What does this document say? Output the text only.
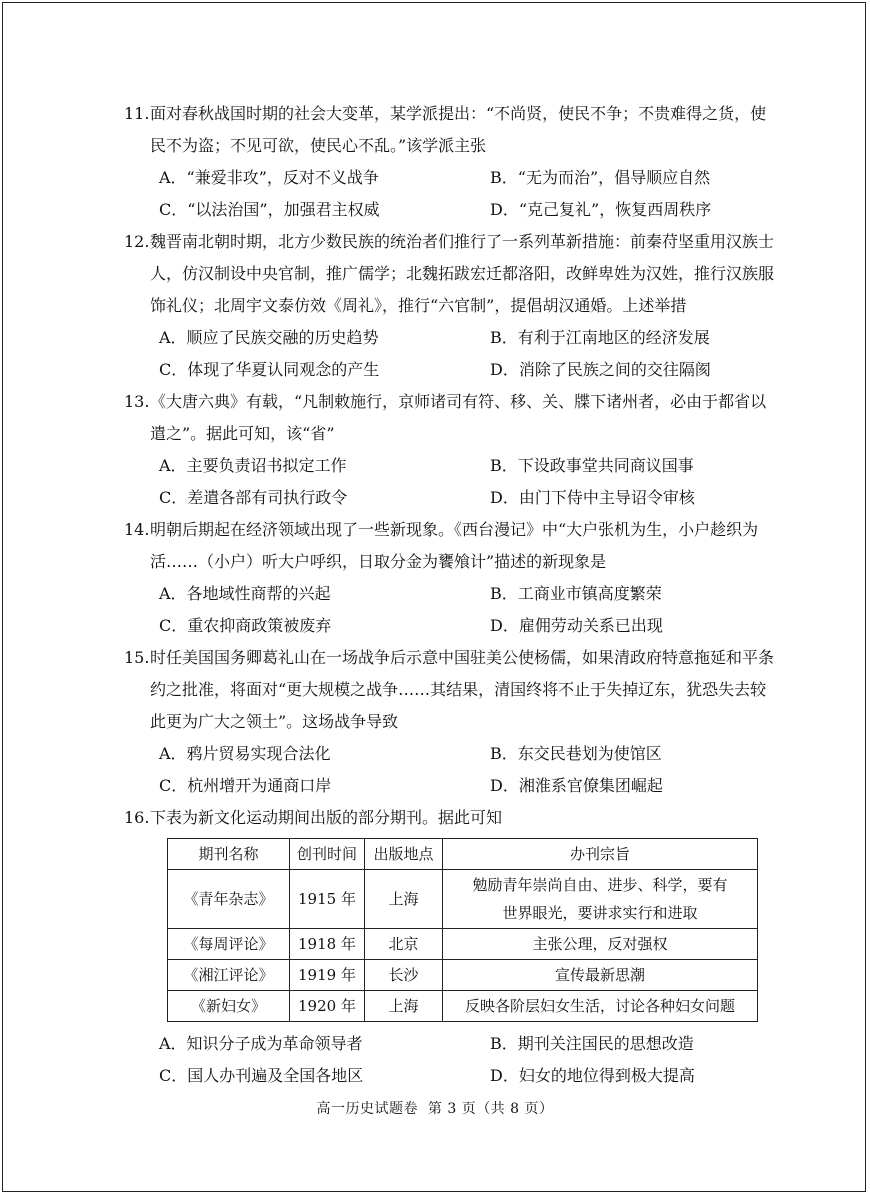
11.面对春秋战国时期的社会大变革，某学派提出：“不尚贤，使民不争；不贵难得之货，使
民不为盗；不见可欲，使民心不乱。”该学派主张
A．“兼爱非攻”，反对不义战争	B．“无为而治”，倡导顺应自然
C．“以法治国”，加强君主权威	D．“克己复礼”，恢复西周秩序
12.魏晋南北朝时期，北方少数民族的统治者们推行了一系列革新措施：前秦苻坚重用汉族士
人，仿汉制设中央官制，推广儒学；北魏拓跋宏迁都洛阳，改鲜卑姓为汉姓，推行汉族服
饰礼仪；北周宇文泰仿效《周礼》，推行“六官制”，提倡胡汉通婚。上述举措
A．顺应了民族交融的历史趋势	B．有利于江南地区的经济发展
C．体现了华夏认同观念的产生	D．消除了民族之间的交往隔阂
13.《大唐六典》有载，“凡制敕施行，京师诸司有符、移、关、牒下诸州者，必由于都省以
遣之”。据此可知，该“省”
A．主要负责诏书拟定工作	B．下设政事堂共同商议国事
C．差遣各部有司执行政令	D．由门下侍中主导诏令审核
14.明朝后期起在经济领域出现了一些新现象。《西台漫记》中“大户张机为生，小户趁织为
活……（小户）听大户呼织，日取分金为饔飧计”描述的新现象是
A．各地域性商帮的兴起	B．工商业市镇高度繁荣
C．重农抑商政策被废弃	D．雇佣劳动关系已出现
15.时任美国国务卿葛礼山在一场战争后示意中国驻美公使杨儒，如果清政府特意拖延和平条
约之批准，将面对“更大规模之战争……其结果，清国终将不止于失掉辽东，犹恐失去较
此更为广大之领土”。这场战争导致
A．鸦片贸易实现合法化	B．东交民巷划为使馆区
C．杭州增开为通商口岸	D．湘淮系官僚集团崛起
16.下表为新文化运动期间出版的部分期刊。据此可知
期刊名称	创刊时间	出版地点	办刊宗旨
《青年杂志》	1915 年	上海	勉励青年崇尚自由、进步、科学，要有
世界眼光，要讲求实行和进取

《每周评论》	1918 年	北京	主张公理，反对强权
《湘江评论》	1919 年	长沙	宣传最新思潮
《新妇女》	1920 年	上海	反映各阶层妇女生活，讨论各种妇女问题
A．知识分子成为革命领导者	B．期刊关注国民的思想改造
C．国人办刊遍及全国各地区	D．妇女的地位得到极大提高
高一历史试题卷 第 3 页（共 8 页）
